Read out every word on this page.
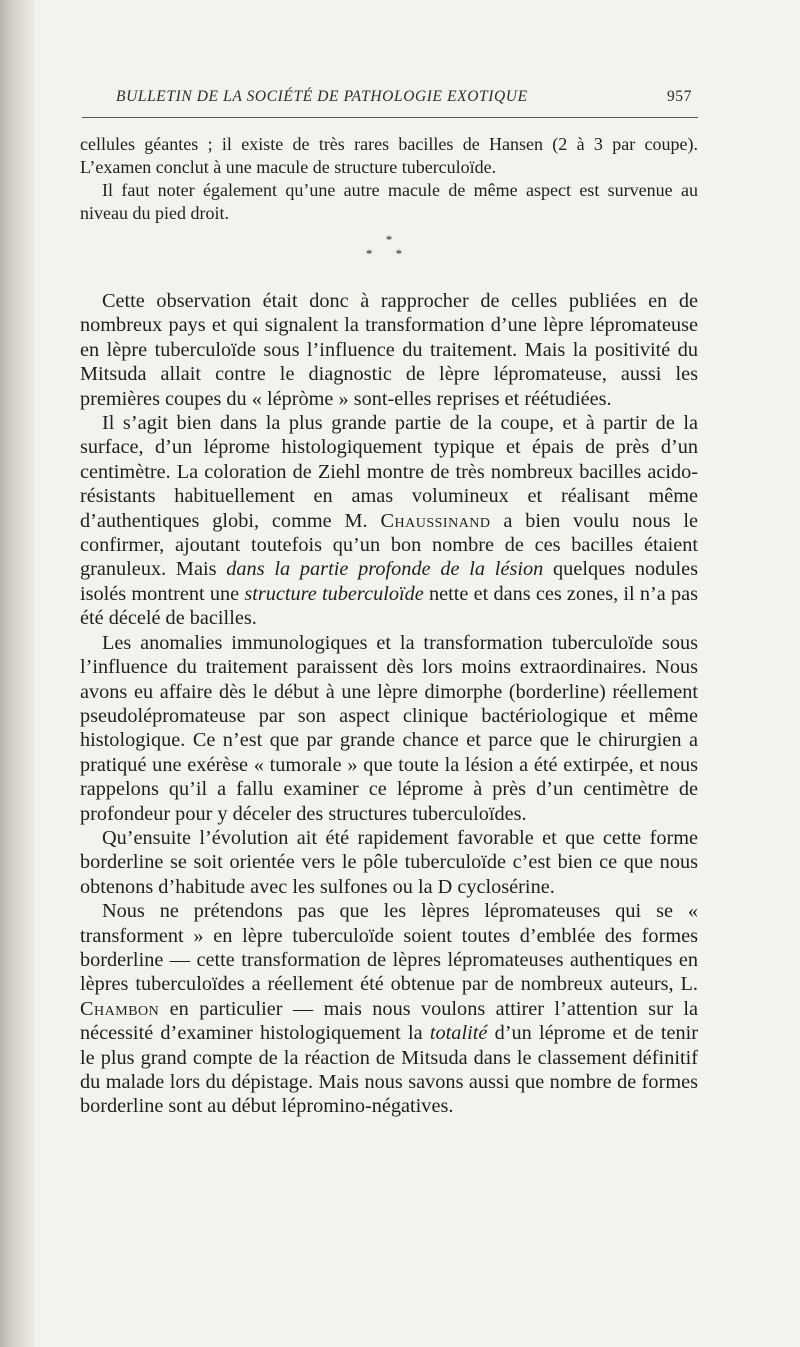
BULLETIN DE LA SOCIÉTÉ DE PATHOLOGIE EXOTIQUE	957

cellules géantes ; il existe de très rares bacilles de Hansen (2 à 3 par coupe). L’examen conclut à une macule de structure tuberculoïde.

Il faut noter également qu’une autre macule de même aspect est survenue au niveau du pied droit.

*
* *

Cette observation était donc à rapprocher de celles publiées en de nombreux pays et qui signalent la transformation d’une lèpre lépromateuse en lèpre tuberculoïde sous l’influence du traitement. Mais la positivité du Mitsuda allait contre le diagnostic de lèpre lépromateuse, aussi les premières coupes du « lépròme » sont-elles reprises et réétudiées.

Il s’agit bien dans la plus grande partie de la coupe, et à partir de la surface, d’un léprome histologiquement typique et épais de près d’un centimètre. La coloration de Ziehl montre de très nombreux bacilles acido-résistants habituellement en amas volumineux et réalisant même d’authentiques globi, comme M. Chaussinand a bien voulu nous le confirmer, ajoutant toutefois qu’un bon nombre de ces bacilles étaient granuleux. Mais dans la partie profonde de la lésion quelques nodules isolés montrent une structure tuberculoïde nette et dans ces zones, il n’a pas été décelé de bacilles.

Les anomalies immunologiques et la transformation tuberculoïde sous l’influence du traitement paraissent dès lors moins extraordinaires. Nous avons eu affaire dès le début à une lèpre dimorphe (borderline) réellement pseudolépromateuse par son aspect clinique bactériologique et même histologique. Ce n’est que par grande chance et parce que le chirurgien a pratiqué une exérèse « tumorale » que toute la lésion a été extirpée, et nous rappelons qu’il a fallu examiner ce léprome à près d’un centimètre de profondeur pour y déceler des structures tuberculoïdes.

Qu’ensuite l’évolution ait été rapidement favorable et que cette forme borderline se soit orientée vers le pôle tuberculoïde c’est bien ce que nous obtenons d’habitude avec les sulfones ou la D cyclosérine.

Nous ne prétendons pas que les lèpres lépromateuses qui se « transforment » en lèpre tuberculoïde soient toutes d’emblée des formes borderline — cette transformation de lèpres lépromateuses authentiques en lèpres tuberculoïdes a réellement été obtenue par de nombreux auteurs, L. Chambon en particulier — mais nous voulons attirer l’attention sur la nécessité d’examiner histologiquement la totalité d’un léprome et de tenir le plus grand compte de la réaction de Mitsuda dans le classement définitif du malade lors du dépistage. Mais nous savons aussi que nombre de formes borderline sont au début lépromino-négatives.
